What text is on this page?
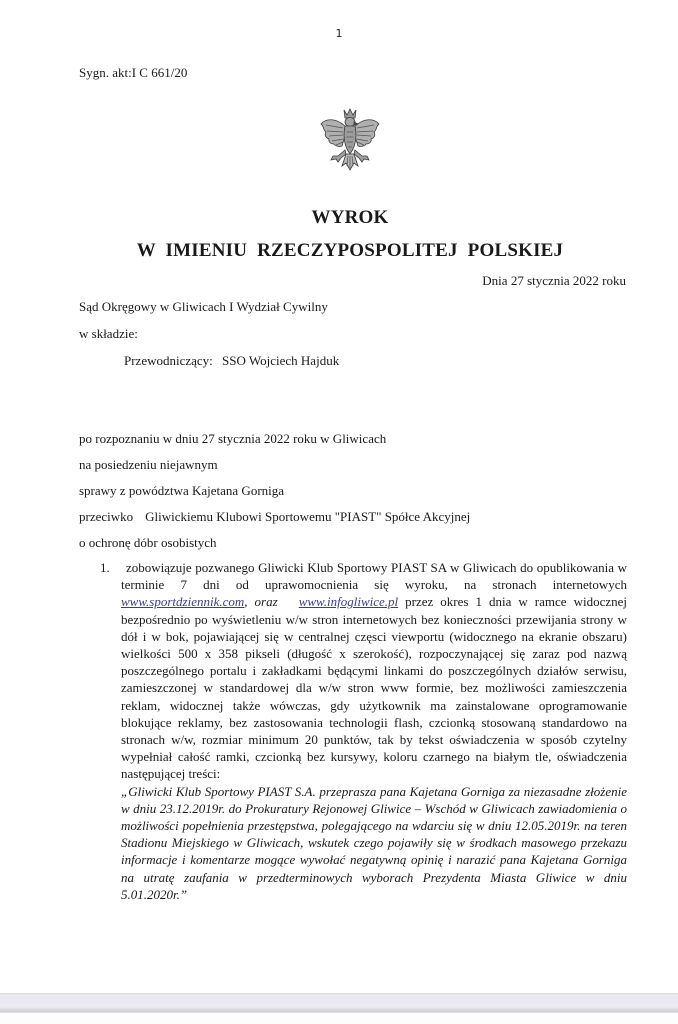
1
Sygn. akt:I C 661/20
WYROK
W IMIENIU RZECZYPOSPOLITEJ POLSKIEJ
Dnia 27 stycznia 2022 roku
Sąd Okręgowy w Gliwicach I Wydział Cywilny
w składzie:
Przewodniczący: SSO Wojciech Hajduk
po rozpoznaniu w dniu 27 stycznia 2022 roku w Gliwicach
na posiedzeniu niejawnym
sprawy z powództwa Kajetana Gorniga
przeciwko Gliwickiemu Klubowi Sportowemu "PIAST" Spółce Akcyjnej
o ochronę dóbr osobistych
1.	zobowiązuje pozwanego Gliwicki Klub Sportowy PIAST SA w Gliwicach do opublikowania w terminie 7 dni od uprawomocnienia się wyroku, na stronach internetowych www.sportdziennik.com, oraz www.infogliwice.pl przez okres 1 dnia w ramce widocznej bezpośrednio po wyświetleniu w/w stron internetowych bez konieczności przewijania strony w dół i w bok, pojawiającej się w centralnej częsci viewportu (widocznego na ekranie obszaru) wielkości 500 x 358 pikseli (długość x szerokość), rozpoczynającej się zaraz pod nazwą poszczególnego portalu i zakładkami będącymi linkami do poszczególnych działów serwisu, zamieszczonej w standardowej dla w/w stron www formie, bez możliwości zamieszczenia reklam, widocznej także wówczas, gdy użytkownik ma zainstalowane oprogramowanie blokujące reklamy, bez zastosowania technologii flash, czcionką stosowaną standardowo na stronach w/w, rozmiar minimum 20 punktów, tak by tekst oświadczenia w sposób czytelny wypełniał całość ramki, czcionką bez kursywy, koloru czarnego na białym tle, oświadczenia następującej treści:
„Gliwicki Klub Sportowy PIAST S.A. przeprasza pana Kajetana Gorniga za niezasadne złożenie w dniu 23.12.2019r. do Prokuratury Rejonowej Gliwice – Wschód w Gliwicach zawiadomienia o możliwości popełnienia przestępstwa, polegającego na wdarciu się w dniu 12.05.2019r. na teren Stadionu Miejskiego w Gliwicach, wskutek czego pojawiły się w środkach masowego przekazu informacje i komentarze mogące wywołać negatywną opinię i narazić pana Kajetana Gorniga na utratę zaufania w przedterminowych wyborach Prezydenta Miasta Gliwice w dniu 5.01.2020r.”
